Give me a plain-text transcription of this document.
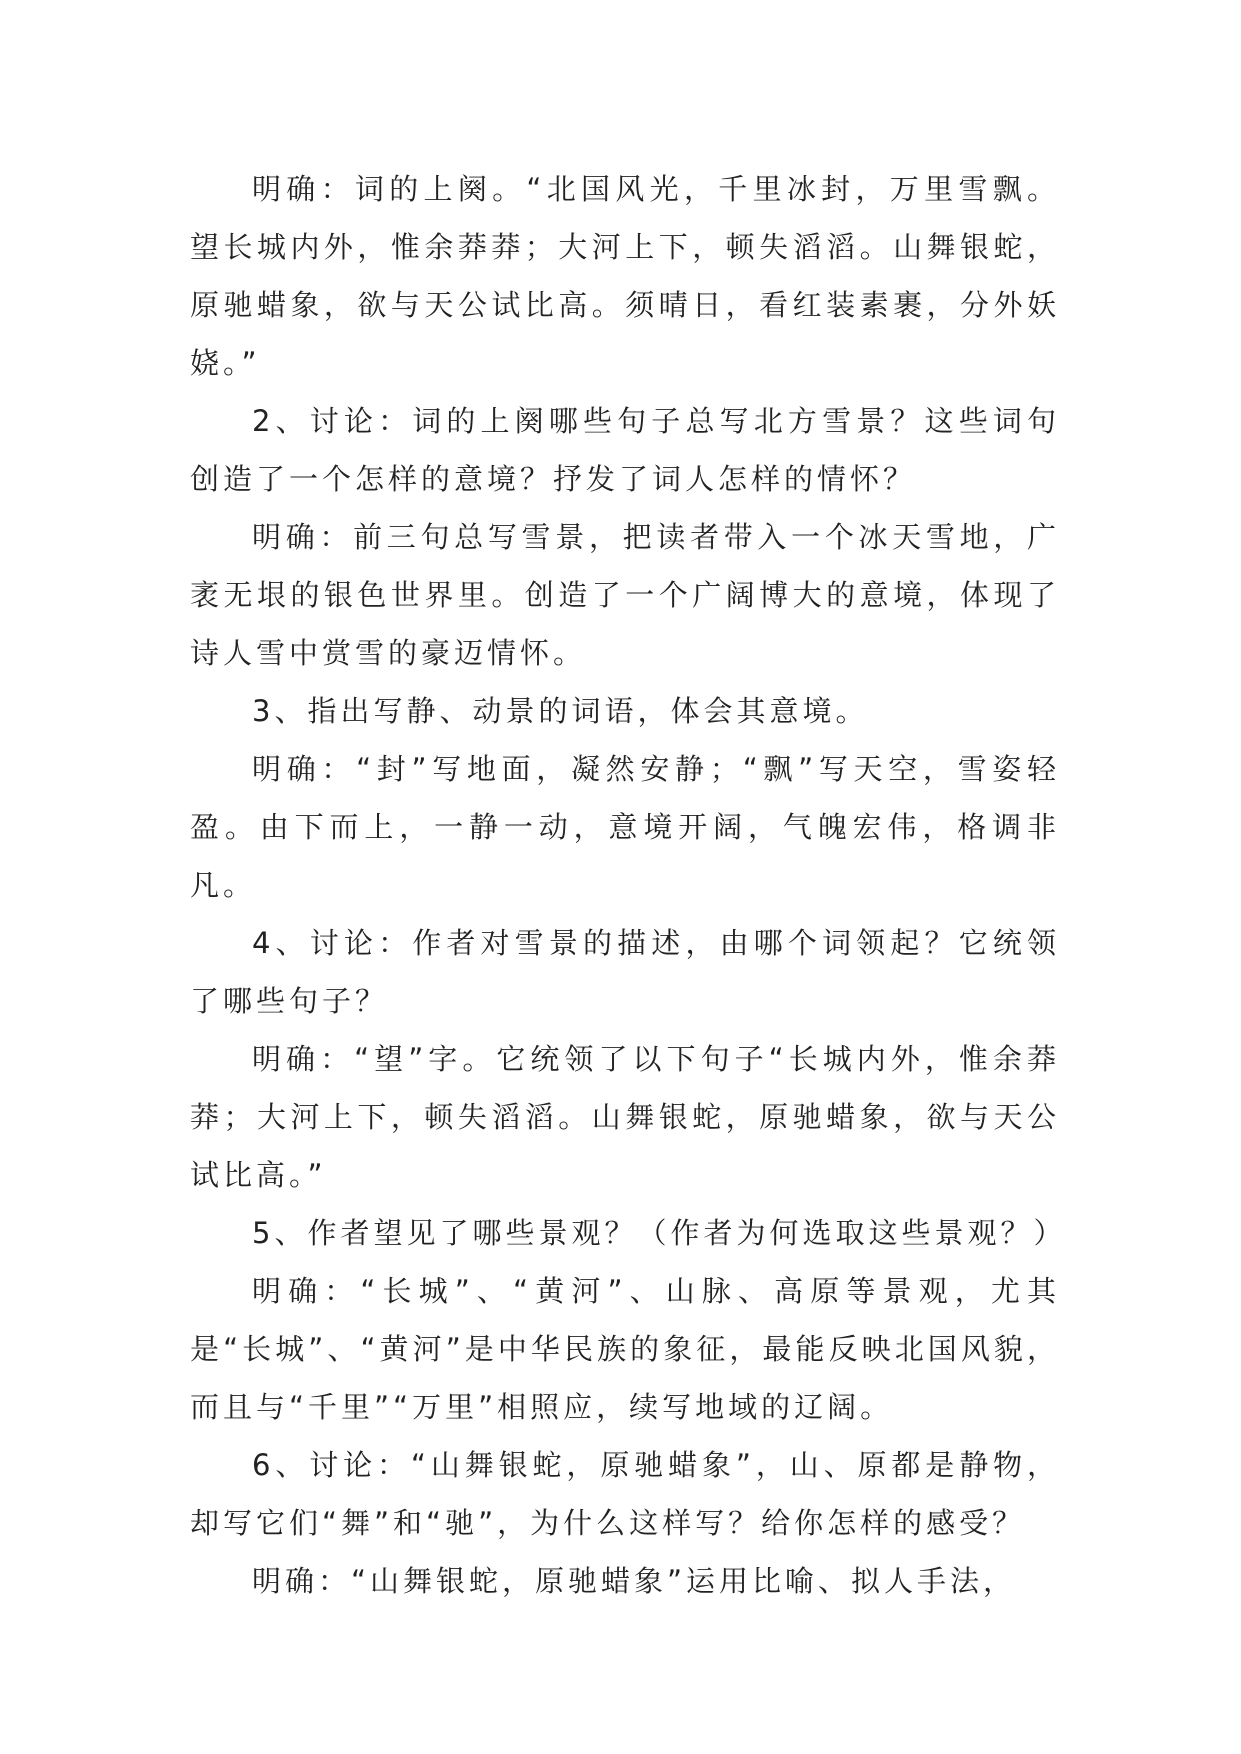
明确：词的上阕。“北国风光，千里冰封，万里雪飘。望长城内外，惟余莽莽；大河上下，顿失滔滔。山舞银蛇，原驰蜡象，欲与天公试比高。须晴日，看红装素裹，分外妖娆。”

2、讨论：词的上阕哪些句子总写北方雪景？这些词句创造了一个怎样的意境？抒发了词人怎样的情怀？

明确：前三句总写雪景，把读者带入一个冰天雪地，广袤无垠的银色世界里。创造了一个广阔博大的意境，体现了诗人雪中赏雪的豪迈情怀。

3、指出写静、动景的词语，体会其意境。

明确：“封”写地面，凝然安静；“飘”写天空，雪姿轻盈。由下而上，一静一动，意境开阔，气魄宏伟，格调非凡。

4、讨论：作者对雪景的描述，由哪个词领起？它统领了哪些句子？

明确：“望”字。它统领了以下句子“长城内外，惟余莽莽；大河上下，顿失滔滔。山舞银蛇，原驰蜡象，欲与天公试比高。”

5、作者望见了哪些景观？（作者为何选取这些景观？）

明确：“长城”、“黄河”、山脉、高原等景观，尤其是“长城”、“黄河”是中华民族的象征，最能反映北国风貌，而且与“千里”“万里”相照应，续写地域的辽阔。

6、讨论：“山舞银蛇，原驰蜡象”，山、原都是静物，却写它们“舞”和“驰”，为什么这样写？给你怎样的感受？

明确：“山舞银蛇，原驰蜡象”运用比喻、拟人手法，
